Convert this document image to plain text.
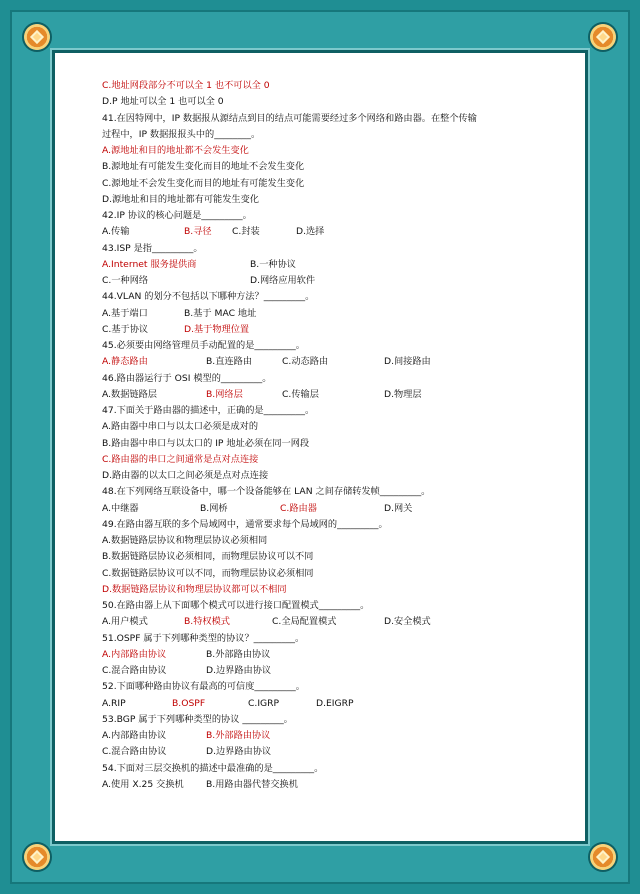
C.地址网段部分不可以全 1 也不可以全 0
D.P 地址可以全 1 也可以全 0
41.在因特网中，IP 数据报从源结点到目的结点可能需要经过多个网络和路由器。在整个传输
过程中，IP 数据报报头中的________。
A.源地址和目的地址都不会发生变化
B.源地址有可能发生变化而目的地址不会发生变化
C.源地址不会发生变化而目的地址有可能发生变化
D.源地址和目的地址都有可能发生变化
42.IP 协议的核心问题是_________。
A.传输	B.寻径 C.封装	D.选择
43.ISP 是指_________。
A.Internet 服务提供商	B.一种协议
C.一种网络	D.网络应用软件
44.VLAN 的划分不包括以下哪种方法？_________。
A.基于端口	B.基于 MAC 地址
C.基于协议	D.基于物理位置
45.必须要由网络管理员手动配置的是_________。
A.静态路由	B.直连路由	C.动态路由	D.间接路由
46.路由器运行于 OSI 模型的_________。
A.数据链路层	B.网络层	C.传输层	D.物理层
47.下面关于路由器的描述中，正确的是_________。
A.路由器中串口与以太口必须是成对的
B.路由器中串口与以太口的 IP 地址必须在同一网段
C.路由器的串口之间通常是点对点连接
D.路由器的以太口之间必须是点对点连接
48.在下列网络互联设备中，哪一个设备能够在 LAN 之间存储转发帧_________。
A.中继器	B.网桥	C.路由器	D.网关
49.在路由器互联的多个局域网中，通常要求每个局域网的_________。
A.数据链路层协议和物理层协议必须相同
B.数据链路层协议必须相同，而物理层协议可以不同
C.数据链路层协议可以不同，而物理层协议必须相同
D.数据链路层协议和物理层协议都可以不相同
50.在路由器上从下面哪个模式可以进行接口配置模式_________。
A.用户模式	B.特权模式	C.全局配置模式	D.安全模式
51.OSPF 属于下列哪种类型的协议？_________。
A.内部路由协议	B.外部路由协议
C.混合路由协议	D.边界路由协议
52.下面哪种路由协议有最高的可信度_________。
A.RIP	B.OSPF	C.IGRP	D.EIGRP
53.BGP 属于下列哪种类型的协议 _________。
A.内部路由协议	B.外部路由协议
C.混合路由协议	D.边界路由协议
54.下面对三层交换机的描述中最准确的是_________。
A.使用 X.25 交换机 B.用路由器代替交换机
